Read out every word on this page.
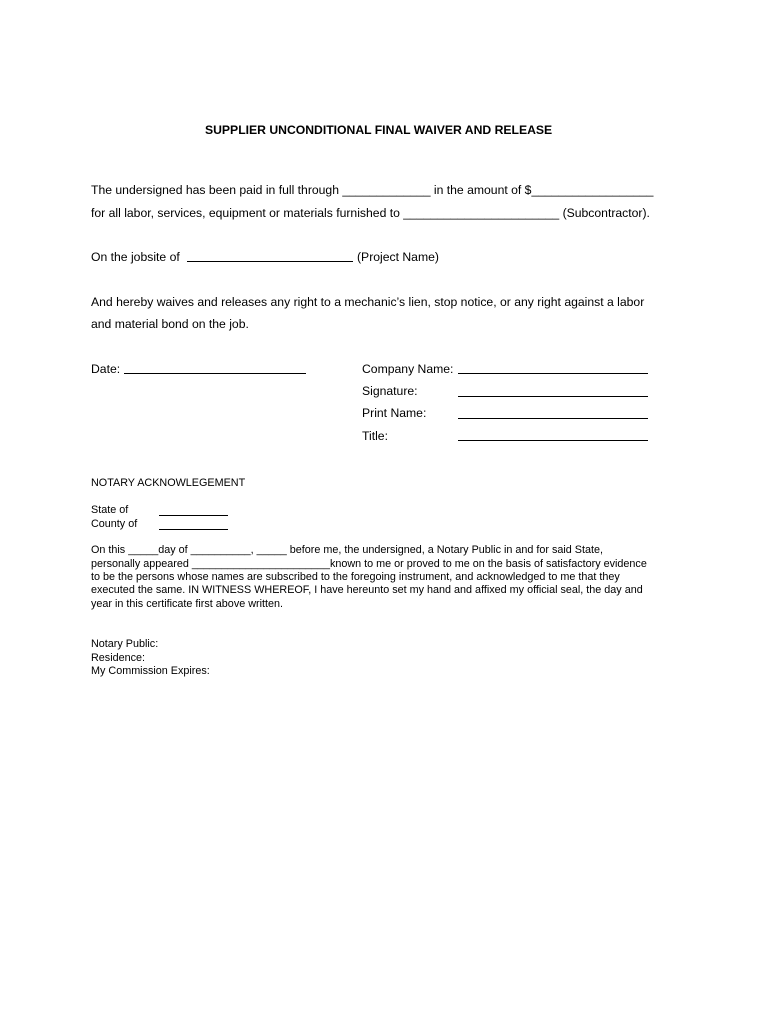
SUPPLIER UNCONDITIONAL FINAL WAIVER AND RELEASE

The undersigned has been paid in full through _____________ in the amount of $__________________

for all labor, services, equipment or materials furnished to _______________________ (Subcontractor).

On the jobsite of	(Project Name)

And hereby waives and releases any right to a mechanic’s lien, stop notice, or any right against a labor

and material bond on the job.

Date:	Company Name:

Signature:

Print Name:

Title:

NOTARY ACKNOWLEGEMENT

State of

County of

On this _____day of __________, _____ before me, the undersigned, a Notary Public in and for said State,

personally appeared _______________________known to me or proved to me on the basis of satisfactory evidence

to be the persons whose names are subscribed to the foregoing instrument, and acknowledged to me that they

executed the same. IN WITNESS WHEREOF, I have hereunto set my hand and affixed my official seal, the day and

year in this certificate first above written.

Notary Public:

Residence:

My Commission Expires:
